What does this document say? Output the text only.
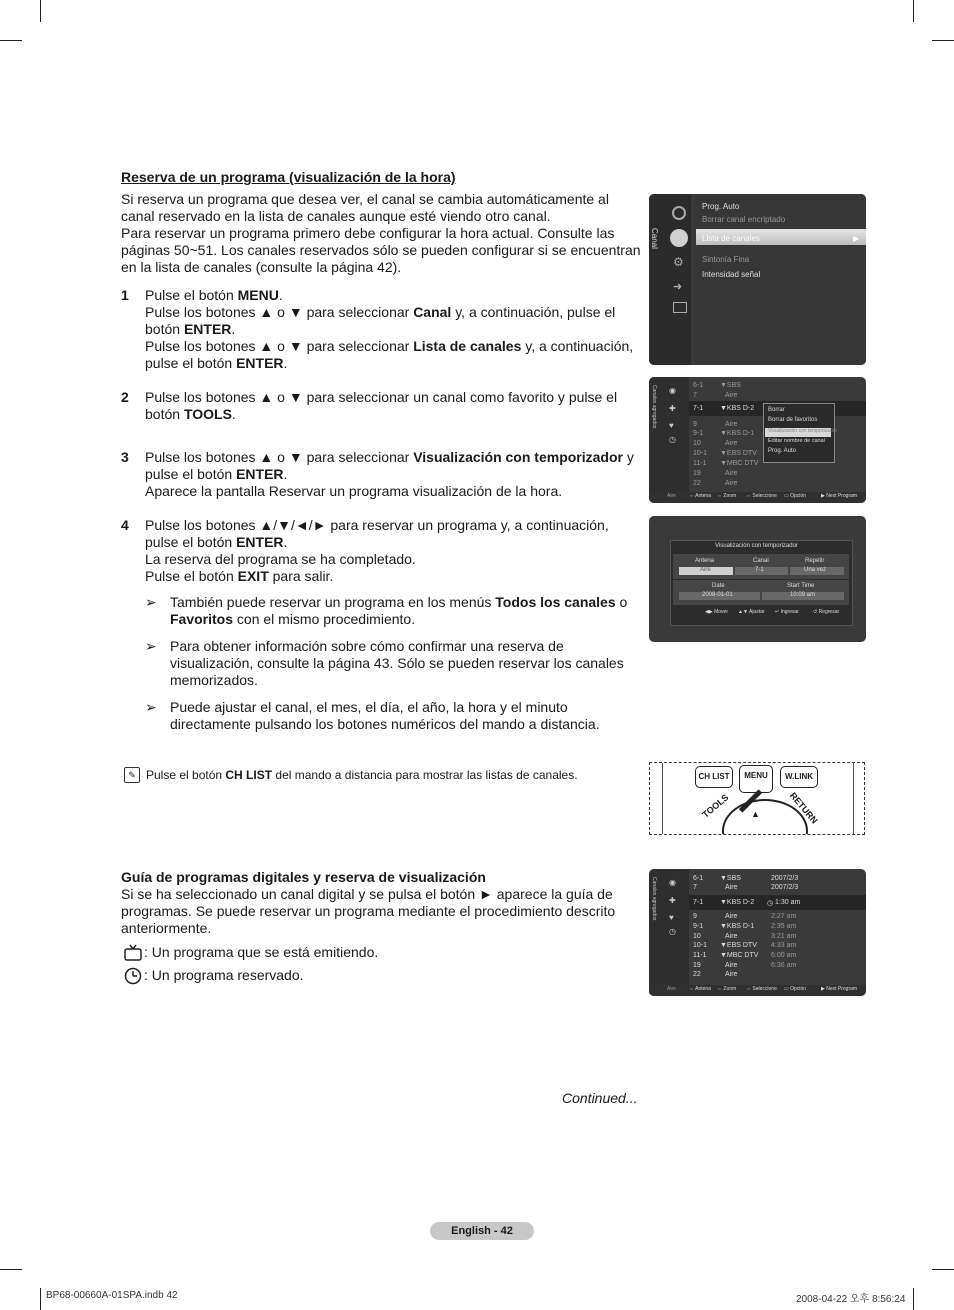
Reserva de un programa (visualización de la hora)
Si reserva un programa que desea ver, el canal se cambia automáticamente al
canal reservado en la lista de canales aunque esté viendo otro canal.
Para reservar un programa primero debe configurar la hora actual. Consulte las
páginas 50~51. Los canales reservados sólo se pueden configurar si se encuentran
en la lista de canales (consulte la página 42).
1 Pulse el botón MENU.
Pulse los botones ▲ o ▼ para seleccionar Canal y, a continuación, pulse el
botón ENTER.
Pulse los botones ▲ o ▼ para seleccionar Lista de canales y, a continuación,
pulse el botón ENTER.
2 Pulse los botones ▲ o ▼ para seleccionar un canal como favorito y pulse el
botón TOOLS.
3 Pulse los botones ▲ o ▼ para seleccionar Visualización con temporizador y
pulse el botón ENTER.
Aparece la pantalla Reservar un programa visualización de la hora.
4 Pulse los botones ▲/▼/◄/► para reservar un programa y, a continuación,
pulse el botón ENTER.
La reserva del programa se ha completado.
Pulse el botón EXIT para salir.
➢ También puede reservar un programa en los menús Todos los canales o
Favoritos con el mismo procedimiento.
➢ Para obtener información sobre cómo confirmar una reserva de
visualización, consulte la página 43. Sólo se pueden reservar los canales
memorizados.
➢ Puede ajustar el canal, el mes, el día, el año, la hora y el minuto
directamente pulsando los botones numéricos del mando a distancia.
✎ Pulse el botón CH LIST del mando a distancia para mostrar las listas de canales.
Guía de programas digitales y reserva de visualización
Si se ha seleccionado un canal digital y se pulsa el botón ► aparece la guía de
programas. Se puede reservar un programa mediante el procedimiento descrito
anteriormente.
: Un programa que se está emitiendo.
: Un programa reservado.
Continued...
English - 42
BP68-00660A-01SPA.indb 42	2008-04-22 오후 8:56:24
Canal
⚙
➜
Prog. Auto
Borrar canal encriptado
Lista de canales	▶
Sintonía Fina
Intensidad señal
Canales agregados ◉
✚
♥
◷
6-1 ▼SBS
7	Aire
7-1 ▼KBS D-2
9	Aire
9-1 ▼KBS D-1
10	Aire
10-1 ▼EBS DTV
11-1 ▼MBC DTV
19	Aire
22	Aire
Borrar
Borrar de favoritos
Visualización con temporizador
Editar nombre de canal
Prog. Auto
Aire	⇔ Antena ⇔ Zoom ⇔ Seleccione ▭ Opción	▶ Next Program
Visualización con temporizador
Antena	Canal	Repetir
Aire	7-1	Una vez
Date	Start Time
2008-01-01	10:09 am
◀▶ Mover ▲▼ Ajustar ↵ Ingresar	↺ Regresar
CH LIST	MENU	W.LINK
TOOLS	RETURN
▲
Canales agregados ◉
✚
♥
◷
6-1 ▼SBS	2007/2/3
7	Aire	2007/2/3
7-1 ▼KBS D-2 ◷ 1:30 am
9	Aire	2:27 am
9-1 ▼KBS D-1 2:35 am
10	Aire	3:21 am
10-1 ▼EBS DTV 4:33 am
11-1 ▼MBC DTV 6:00 am
19	Aire	6:36 am
22	Aire
Aire	⇔ Antena ⇔ Zoom ⇔ Seleccione ▭ Opción	▶ Next Program
